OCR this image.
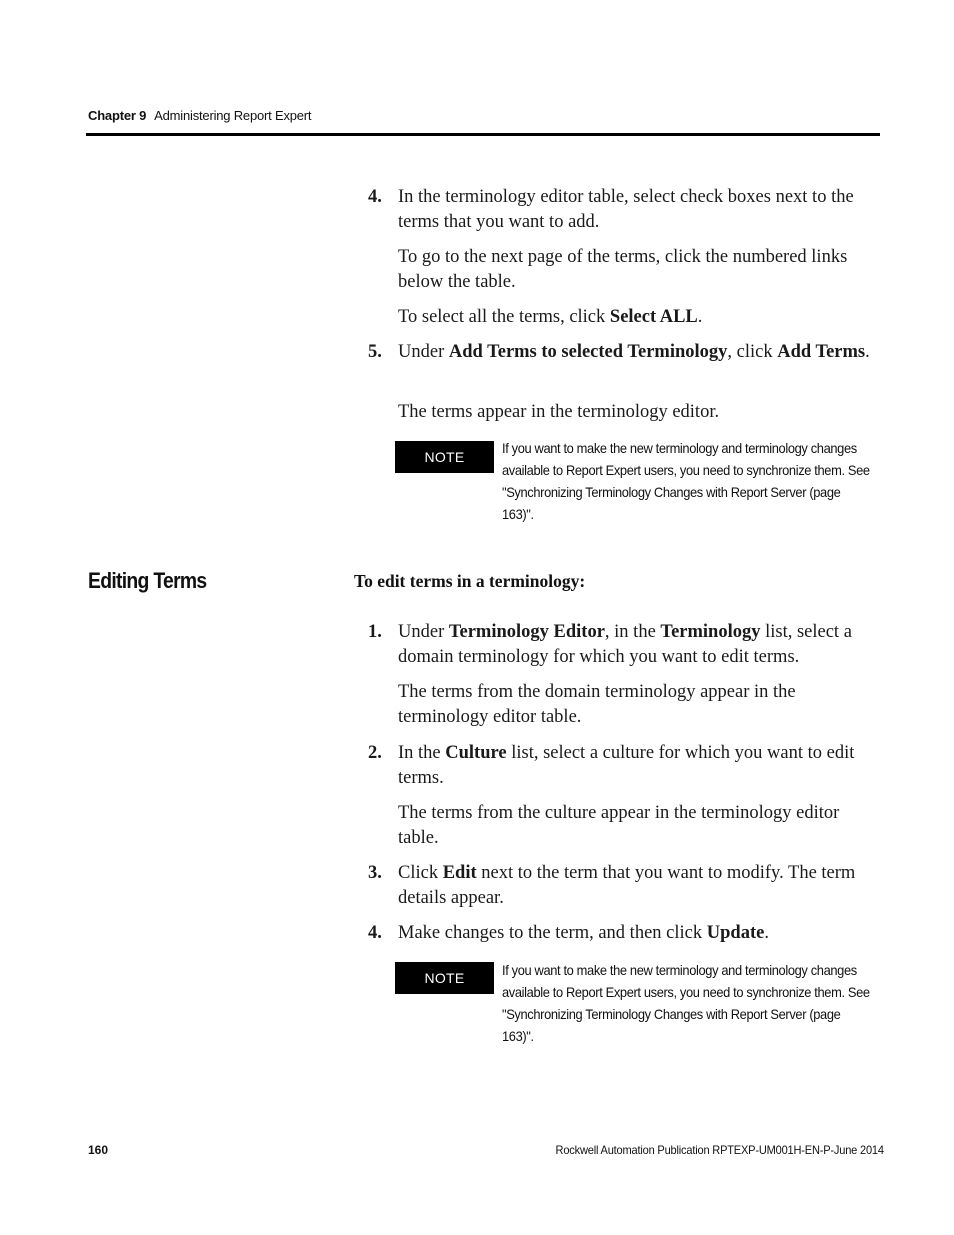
Chapter 9 Administering Report Expert
4. In the terminology editor table, select check boxes next to the terms that you want to add.
To go to the next page of the terms, click the numbered links below the table.
To select all the terms, click Select ALL.
5. Under Add Terms to selected Terminology, click Add Terms.
The terms appear in the terminology editor.
NOTE
If you want to make the new terminology and terminology changes available to Report Expert users, you need to synchronize them. See "Synchronizing Terminology Changes with Report Server (page 163)".
Editing Terms	To edit terms in a terminology:
1. Under Terminology Editor, in the Terminology list, select a domain terminology for which you want to edit terms.
The terms from the domain terminology appear in the terminology editor table.
2. In the Culture list, select a culture for which you want to edit terms.
The terms from the culture appear in the terminology editor table.
3. Click Edit next to the term that you want to modify. The term details appear.
4. Make changes to the term, and then click Update.
NOTE	If you want to make the new terminology and terminology changes available to Report Expert users, you need to synchronize them. See "Synchronizing Terminology Changes with Report Server (page 163)".
160	Rockwell Automation Publication RPTEXP-UM001H-EN-P-June 2014
